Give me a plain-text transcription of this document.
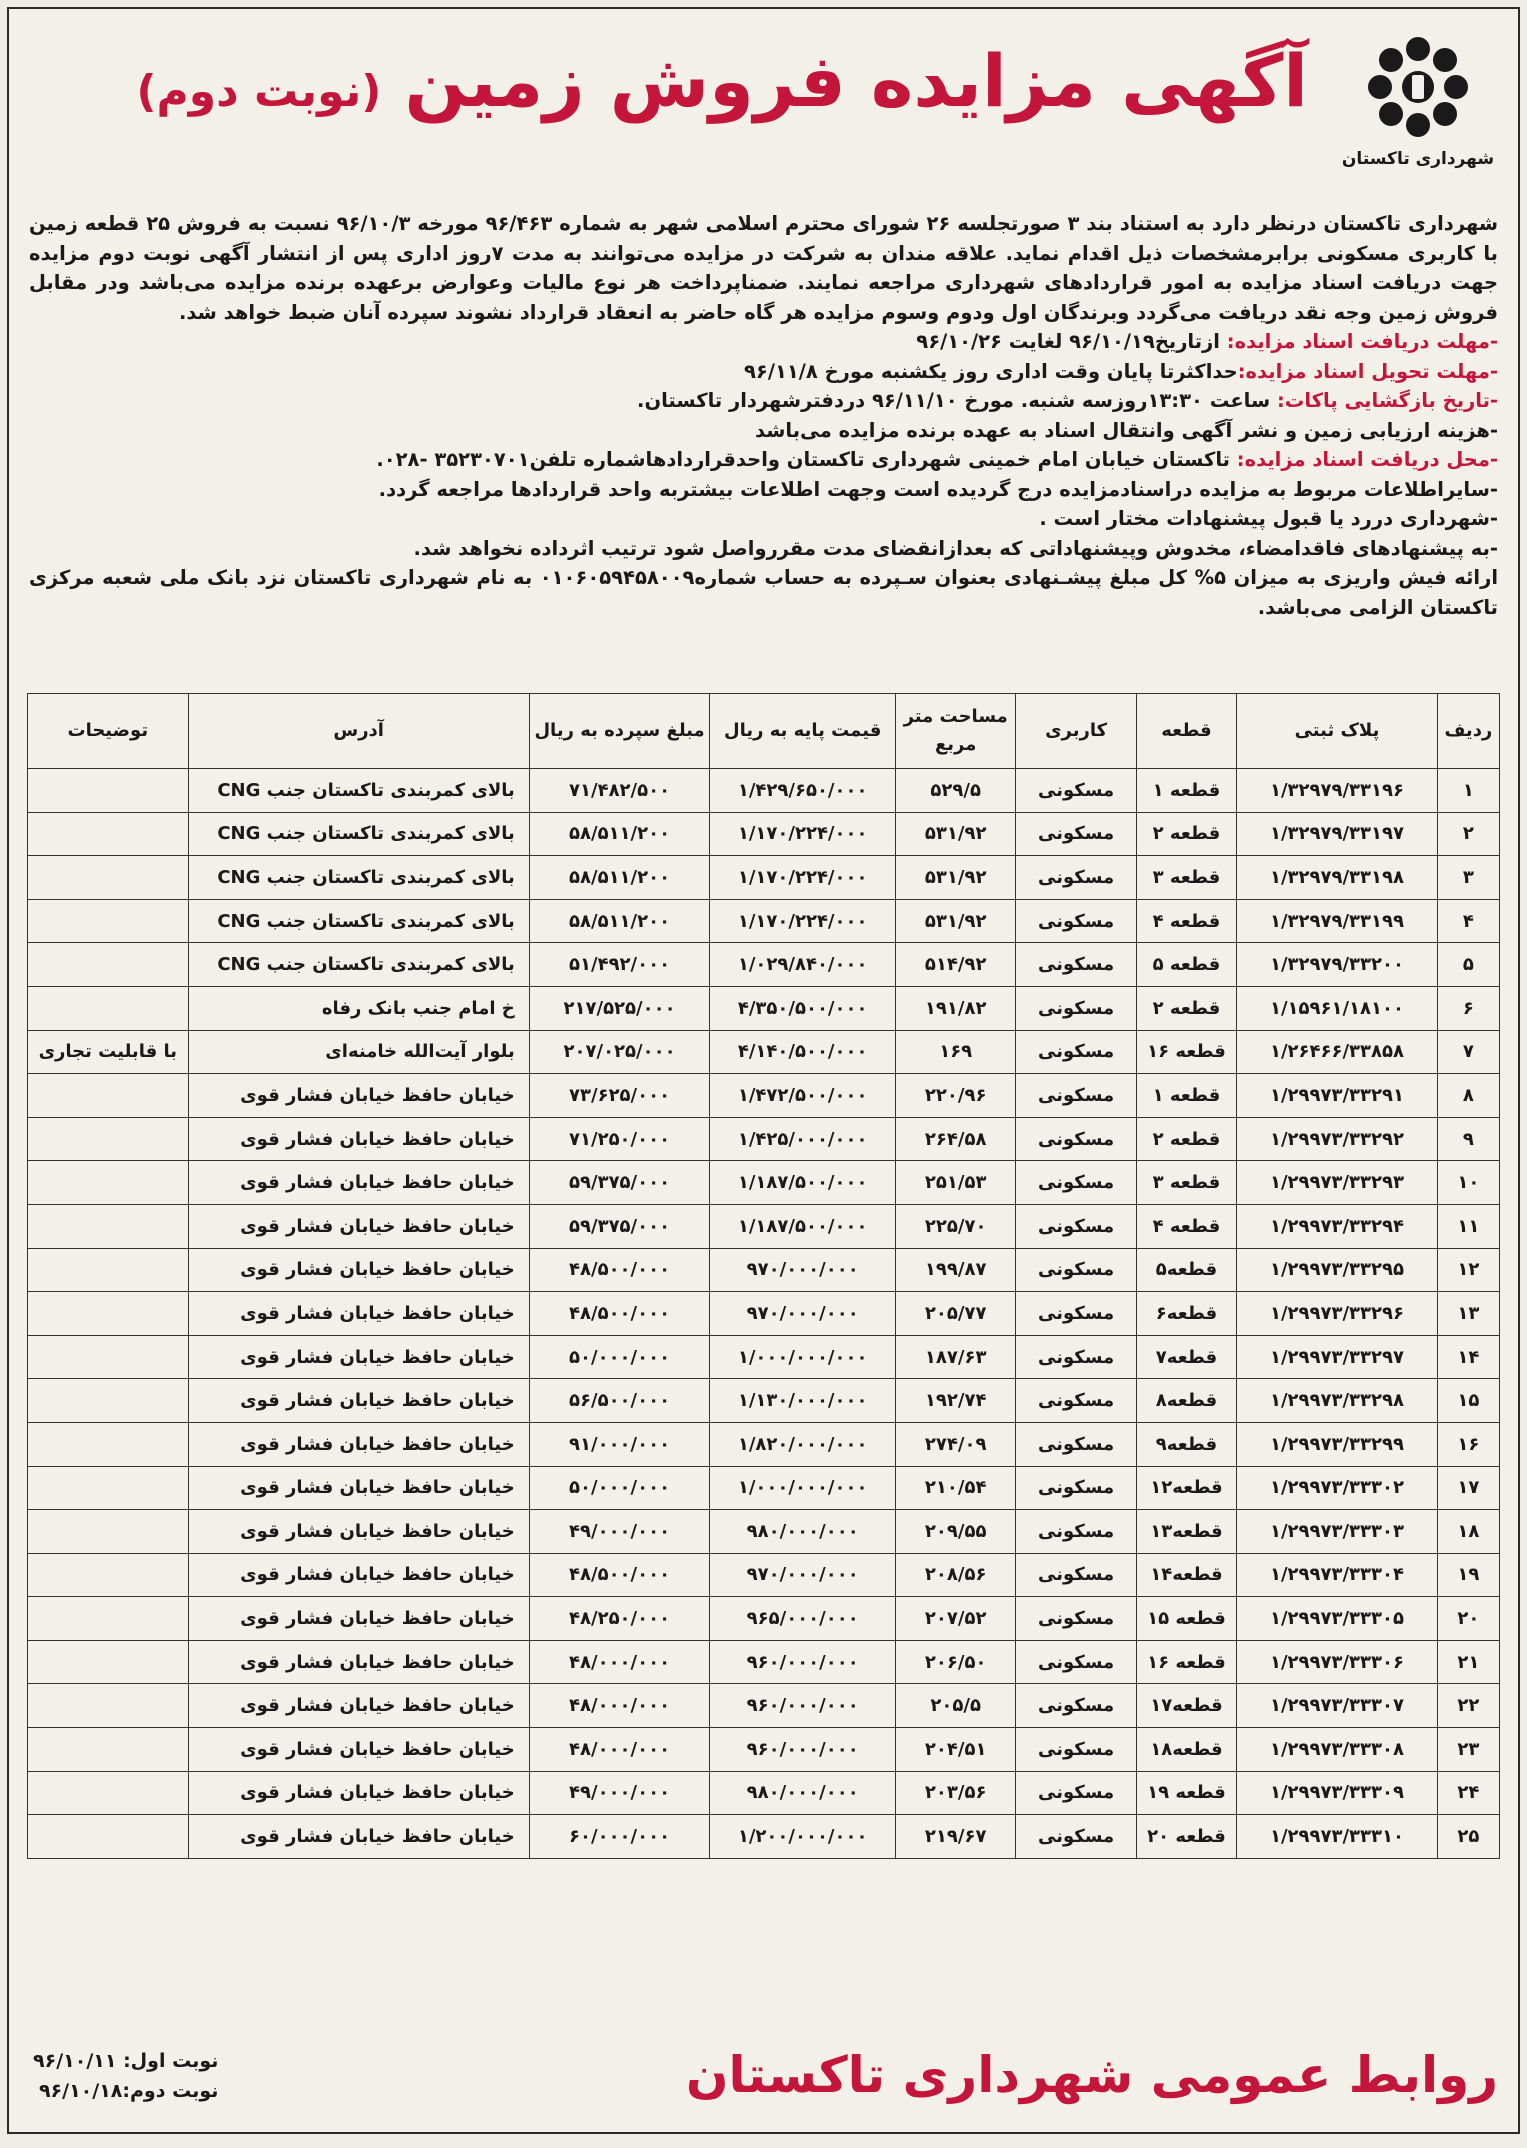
شهرداری تاکستان
آگهی مزایده فروش زمین (نوبت دوم)

شهرداری تاکستان درنظر دارد به استناد بند ۳ صورتجلسه ۲۶ شورای محترم اسلامی شهر به شماره ۹۶/۴۶۳ مورخه ۹۶/۱۰/۳ نسبت به فروش ۲۵ قطعه زمین با کاربری مسکونی برابرمشخصات ذیل اقدام نماید. علاقه مندان به شرکت در مزایده می‌توانند به مدت ۷روز اداری پس از انتشار آگهی نوبت دوم مزایده جهت دریافت اسناد مزایده به امور قراردادهای شهرداری مراجعه نمایند. ضمناپرداخت هر نوع مالیات وعوارض برعهده برنده مزایده می‌باشد ودر مقابل فروش زمین وجه نقد دریافت می‌گردد وبرندگان اول ودوم وسوم مزایده هر گاه حاضر به انعقاد قرارداد نشوند سپرده آنان ضبط خواهد شد.

-مهلت دریافت اسناد مزایده: ازتاریخ۹۶/۱۰/۱۹ لغایت ۹۶/۱۰/۲۶

-مهلت تحویل اسناد مزایده:حداکثرتا پایان وقت اداری روز یکشنبه مورخ ۹۶/۱۱/۸

-تاریخ بازگشایی پاکات: ساعت ۱۳:۳۰روزسه شنبه. مورخ ۹۶/۱۱/۱۰ دردفترشهردار تاکستان.

-هزینه ارزیابی زمین و نشر آگهی وانتقال اسناد به عهده برنده مزایده می‌باشد

-محل دریافت اسناد مزایده: تاکستان خیابان امام خمینی شهرداری تاکستان واحدقراردادهاشماره تلفن۳۵۲۳۰۷۰۱ -۰۲۸.

-سایراطلاعات مربوط به مزایده دراسنادمزایده درج گردیده است وجهت اطلاعات بیشتربه واحد قراردادها مراجعه گردد.

-شهرداری دررد یا قبول پیشنهادات مختار است .

-به پیشنهادهای فاقدامضاء، مخدوش وپیشنهاداتی که بعدازانقضای مدت مقرروا‌صل شود ترتیب اثرداده نخواهد شد.

ارائه فیش واریزی به میزان ۵% کل مبلغ پیشـنهادی بعنوان سـپرده به حساب شماره۰۱۰۶۰۵۹۴۵۸۰۰۹ به نام شهرداری تاکستان نزد بانک ملی شعبه مرکزی تاکستان الزامی می‌باشد.

ردیف	پلاک ثبتی	قطعه	کاربری	مساحت متر مربع	قیمت پایه به ریال	مبلغ سپرده به ریال	آدرس	توضیحات
۱	۱/۳۲۹۷۹/۳۳۱۹۶	قطعه ۱	مسکونی	۵۲۹/۵	۱/۴۲۹/۶۵۰/۰۰۰	۷۱/۴۸۲/۵۰۰	بالای کمربندی تاکستان جنب CNG	
۲	۱/۳۲۹۷۹/۳۳۱۹۷	قطعه ۲	مسکونی	۵۳۱/۹۲	۱/۱۷۰/۲۲۴/۰۰۰	۵۸/۵۱۱/۲۰۰	بالای کمربندی تاکستان جنب CNG	
۳	۱/۳۲۹۷۹/۳۳۱۹۸	قطعه ۳	مسکونی	۵۳۱/۹۲	۱/۱۷۰/۲۲۴/۰۰۰	۵۸/۵۱۱/۲۰۰	بالای کمربندی تاکستان جنب CNG	
۴	۱/۳۲۹۷۹/۳۳۱۹۹	قطعه ۴	مسکونی	۵۳۱/۹۲	۱/۱۷۰/۲۲۴/۰۰۰	۵۸/۵۱۱/۲۰۰	بالای کمربندی تاکستان جنب CNG	
۵	۱/۳۲۹۷۹/۳۳۲۰۰	قطعه ۵	مسکونی	۵۱۴/۹۲	۱/۰۲۹/۸۴۰/۰۰۰	۵۱/۴۹۲/۰۰۰	بالای کمربندی تاکستان جنب CNG	
۶	۱/۱۵۹۶۱/۱۸۱۰۰	قطعه ۲	مسکونی	۱۹۱/۸۲	۴/۳۵۰/۵۰۰/۰۰۰	۲۱۷/۵۲۵/۰۰۰	خ امام جنب بانک رفاه	
۷	۱/۲۶۴۶۶/۳۳۸۵۸	قطعه ۱۶	مسکونی	۱۶۹	۴/۱۴۰/۵۰۰/۰۰۰	۲۰۷/۰۲۵/۰۰۰	بلوار آیت‌الله خامنه‌ای	با قابلیت تجاری
۸	۱/۲۹۹۷۳/۳۳۲۹۱	قطعه ۱	مسکونی	۲۲۰/۹۶	۱/۴۷۲/۵۰۰/۰۰۰	۷۳/۶۲۵/۰۰۰	خیابان حافظ خیابان فشار قوی	
۹	۱/۲۹۹۷۳/۳۳۲۹۲	قطعه ۲	مسکونی	۲۶۴/۵۸	۱/۴۲۵/۰۰۰/۰۰۰	۷۱/۲۵۰/۰۰۰	خیابان حافظ خیابان فشار قوی	
۱۰	۱/۲۹۹۷۳/۳۳۲۹۳	قطعه ۳	مسکونی	۲۵۱/۵۳	۱/۱۸۷/۵۰۰/۰۰۰	۵۹/۳۷۵/۰۰۰	خیابان حافظ خیابان فشار قوی	
۱۱	۱/۲۹۹۷۳/۳۳۲۹۴	قطعه ۴	مسکونی	۲۲۵/۷۰	۱/۱۸۷/۵۰۰/۰۰۰	۵۹/۳۷۵/۰۰۰	خیابان حافظ خیابان فشار قوی	
۱۲	۱/۲۹۹۷۳/۳۳۲۹۵	قطعه۵	مسکونی	۱۹۹/۸۷	۹۷۰/۰۰۰/۰۰۰	۴۸/۵۰۰/۰۰۰	خیابان حافظ خیابان فشار قوی	
۱۳	۱/۲۹۹۷۳/۳۳۲۹۶	قطعه۶	مسکونی	۲۰۵/۷۷	۹۷۰/۰۰۰/۰۰۰	۴۸/۵۰۰/۰۰۰	خیابان حافظ خیابان فشار قوی	
۱۴	۱/۲۹۹۷۳/۳۳۲۹۷	قطعه۷	مسکونی	۱۸۷/۶۳	۱/۰۰۰/۰۰۰/۰۰۰	۵۰/۰۰۰/۰۰۰	خیابان حافظ خیابان فشار قوی	
۱۵	۱/۲۹۹۷۳/۳۳۲۹۸	قطعه۸	مسکونی	۱۹۲/۷۴	۱/۱۳۰/۰۰۰/۰۰۰	۵۶/۵۰۰/۰۰۰	خیابان حافظ خیابان فشار قوی	
۱۶	۱/۲۹۹۷۳/۳۳۲۹۹	قطعه۹	مسکونی	۲۷۴/۰۹	۱/۸۲۰/۰۰۰/۰۰۰	۹۱/۰۰۰/۰۰۰	خیابان حافظ خیابان فشار قوی	
۱۷	۱/۲۹۹۷۳/۳۳۳۰۲	قطعه۱۲	مسکونی	۲۱۰/۵۴	۱/۰۰۰/۰۰۰/۰۰۰	۵۰/۰۰۰/۰۰۰	خیابان حافظ خیابان فشار قوی	
۱۸	۱/۲۹۹۷۳/۳۳۳۰۳	قطعه۱۳	مسکونی	۲۰۹/۵۵	۹۸۰/۰۰۰/۰۰۰	۴۹/۰۰۰/۰۰۰	خیابان حافظ خیابان فشار قوی	
۱۹	۱/۲۹۹۷۳/۳۳۳۰۴	قطعه۱۴	مسکونی	۲۰۸/۵۶	۹۷۰/۰۰۰/۰۰۰	۴۸/۵۰۰/۰۰۰	خیابان حافظ خیابان فشار قوی	
۲۰	۱/۲۹۹۷۳/۳۳۳۰۵	قطعه ۱۵	مسکونی	۲۰۷/۵۲	۹۶۵/۰۰۰/۰۰۰	۴۸/۲۵۰/۰۰۰	خیابان حافظ خیابان فشار قوی	
۲۱	۱/۲۹۹۷۳/۳۳۳۰۶	قطعه ۱۶	مسکونی	۲۰۶/۵۰	۹۶۰/۰۰۰/۰۰۰	۴۸/۰۰۰/۰۰۰	خیابان حافظ خیابان فشار قوی	
۲۲	۱/۲۹۹۷۳/۳۳۳۰۷	قطعه۱۷	مسکونی	۲۰۵/۵	۹۶۰/۰۰۰/۰۰۰	۴۸/۰۰۰/۰۰۰	خیابان حافظ خیابان فشار قوی	
۲۳	۱/۲۹۹۷۳/۳۳۳۰۸	قطعه۱۸	مسکونی	۲۰۴/۵۱	۹۶۰/۰۰۰/۰۰۰	۴۸/۰۰۰/۰۰۰	خیابان حافظ خیابان فشار قوی	
۲۴	۱/۲۹۹۷۳/۳۳۳۰۹	قطعه ۱۹	مسکونی	۲۰۳/۵۶	۹۸۰/۰۰۰/۰۰۰	۴۹/۰۰۰/۰۰۰	خیابان حافظ خیابان فشار قوی	
۲۵	۱/۲۹۹۷۳/۳۳۳۱۰	قطعه ۲۰	مسکونی	۲۱۹/۶۷	۱/۲۰۰/۰۰۰/۰۰۰	۶۰/۰۰۰/۰۰۰	خیابان حافظ خیابان فشار قوی	
روابط عمومی شهرداری تاکستان
نوبت اول: ۹۶/۱۰/۱۱
نوبت دوم:۹۶/۱۰/۱۸
